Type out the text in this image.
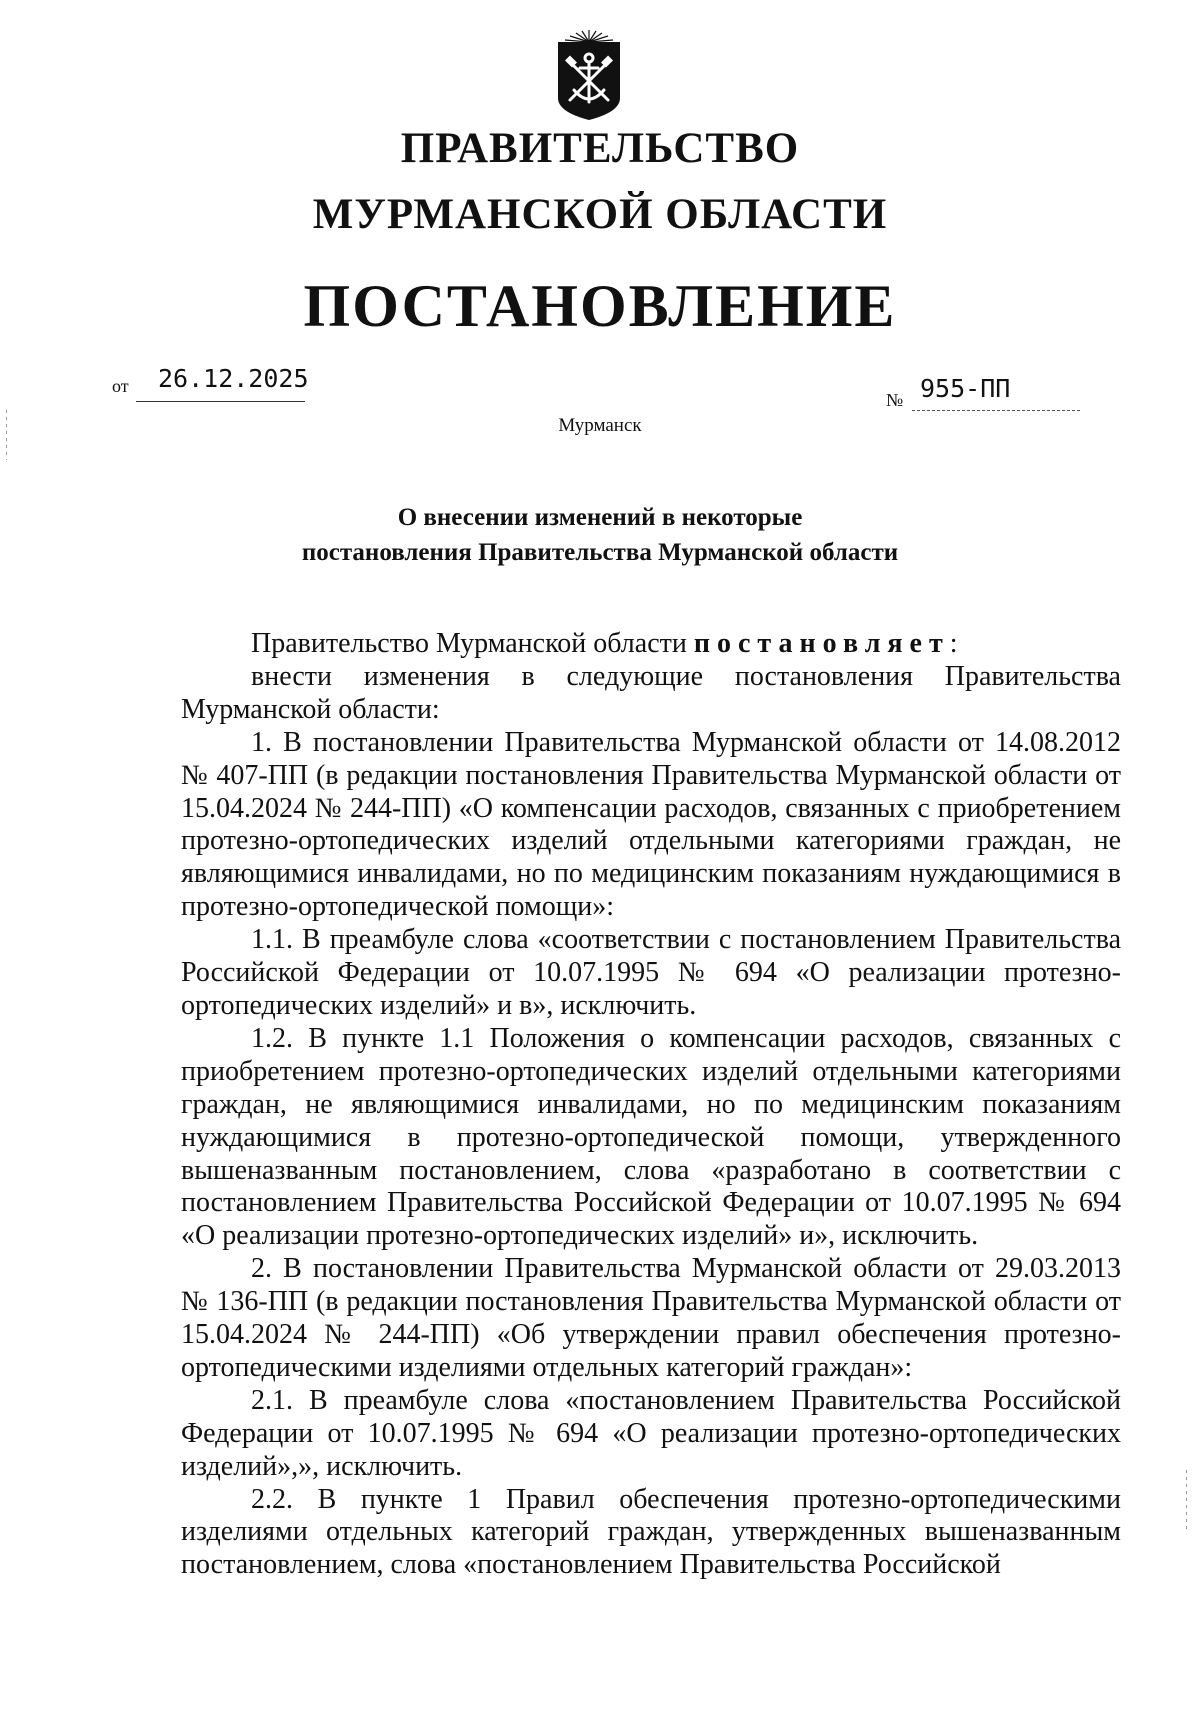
ПРАВИТЕЛЬСТВО
МУРМАНСКОЙ ОБЛАСТИ
ПОСТАНОВЛЕНИЕ
от 26.12.2025
№ 955-ПП
Мурманск
О внесении изменений в некоторые
постановления Правительства Мурманской области

Правительство Мурманской области постановляет:

внести изменения в следующие постановления Правительства Мурманской области:

1. В постановлении Правительства Мурманской области от 14.08.2012 № 407-ПП (в редакции постановления Правительства Мурманской области от 15.04.2024 № 244-ПП) «О компенсации расходов, связанных с приобретением протезно-ортопедических изделий отдельными категориями граждан, не являющимися инвалидами, но по медицинским показаниям нуждающимися в протезно-ортопедической помощи»:

1.1. В преамбуле слова «соответствии с постановлением Правительства Российской Федерации от 10.07.1995 № 694 «О реализации протезно-ортопедических изделий» и в», исключить.

1.2. В пункте 1.1 Положения о компенсации расходов, связанных с приобретением протезно-ортопедических изделий отдельными категориями граждан, не являющимися инвалидами, но по медицинским показаниям нуждающимися в протезно-ортопедической помощи, утвержденного вышеназванным постановлением, слова «разработано в соответствии с постановлением Правительства Российской Федерации от 10.07.1995 № 694 «О реализации протезно-ортопедических изделий» и», исключить.

2. В постановлении Правительства Мурманской области от 29.03.2013 № 136-ПП (в редакции постановления Правительства Мурманской области от 15.04.2024 № 244-ПП) «Об утверждении правил обеспечения протезно-ортопедическими изделиями отдельных категорий граждан»:

2.1. В преамбуле слова «постановлением Правительства Российской Федерации от 10.07.1995 № 694 «О реализации протезно-ортопедических изделий»,», исключить.

2.2. В пункте 1 Правил обеспечения протезно-ортопедическими изделиями отдельных категорий граждан, утвержденных вышеназванным постановлением, слова «постановлением Правительства Российской
